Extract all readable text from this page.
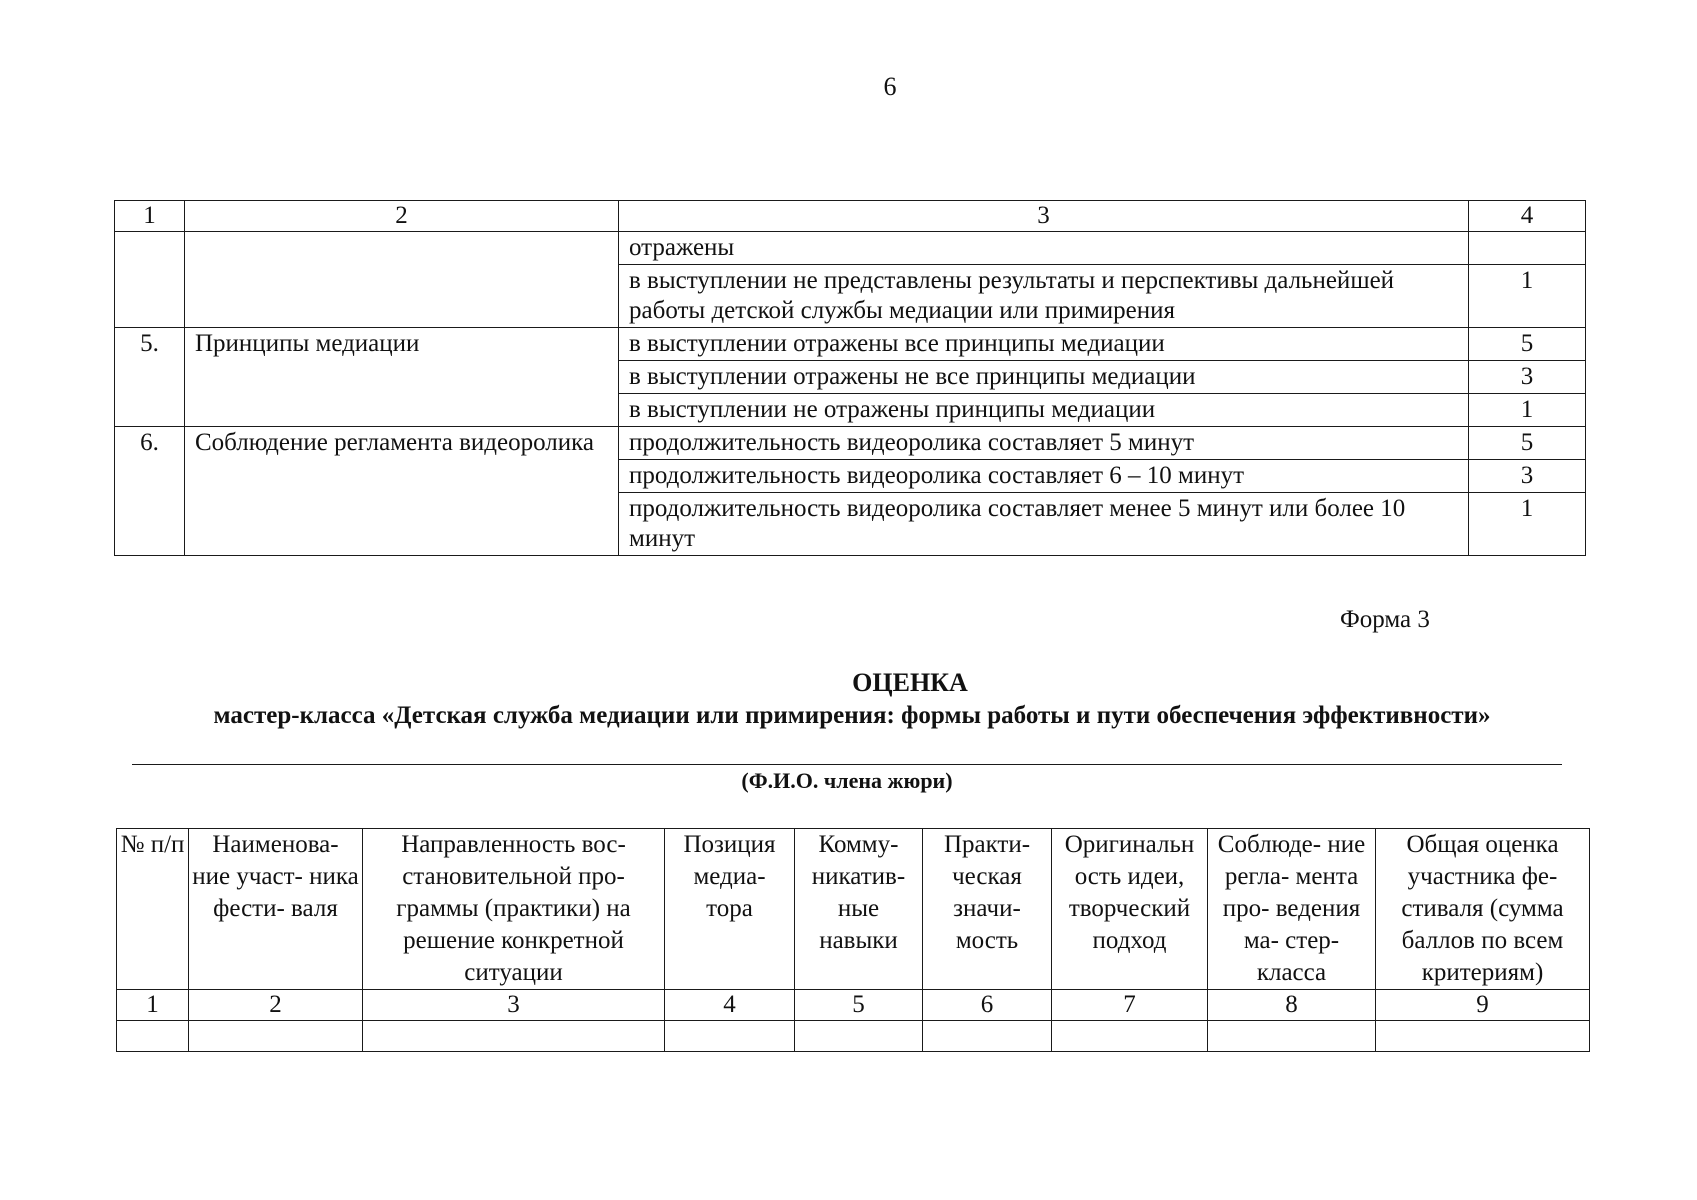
6
1	2	3	4
		отражены	
		в выступлении не представлены результаты и перспективы дальнейшей работы детской службы медиации или примирения	1
5.	Принципы медиации	в выступлении отражены все принципы медиации	5
		в выступлении отражены не все принципы медиации	3
		в выступлении не отражены принципы медиации	1
6.	Соблюдение регламента видеоролика	продолжительность видеоролика составляет 5 минут	5
		продолжительность видеоролика составляет 6 – 10 минут	3
		продолжительность видеоролика составляет менее 5 минут или более 10 минут	1
Форма 3
ОЦЕНКА
мастер-класса «Детская служба медиации или примирения: формы работы и пути обеспечения эффективности»
(Ф.И.О. члена жюри)
№ п/п	Наименова- ние участ- ника фести- валя	Направленность вос- становительной про- граммы (практики) на решение конкретной ситуации	Позиция медиа- тора	Комму- никатив- ные навыки	Практи- ческая значи- мость	Оригинальн ость идеи, творческий подход	Соблюде- ние регла- мента про- ведения ма- стер-класса	Общая оценка участника фе- стиваля (сумма баллов по всем критериям)
1	2	3	4	5	6	7	8	9
